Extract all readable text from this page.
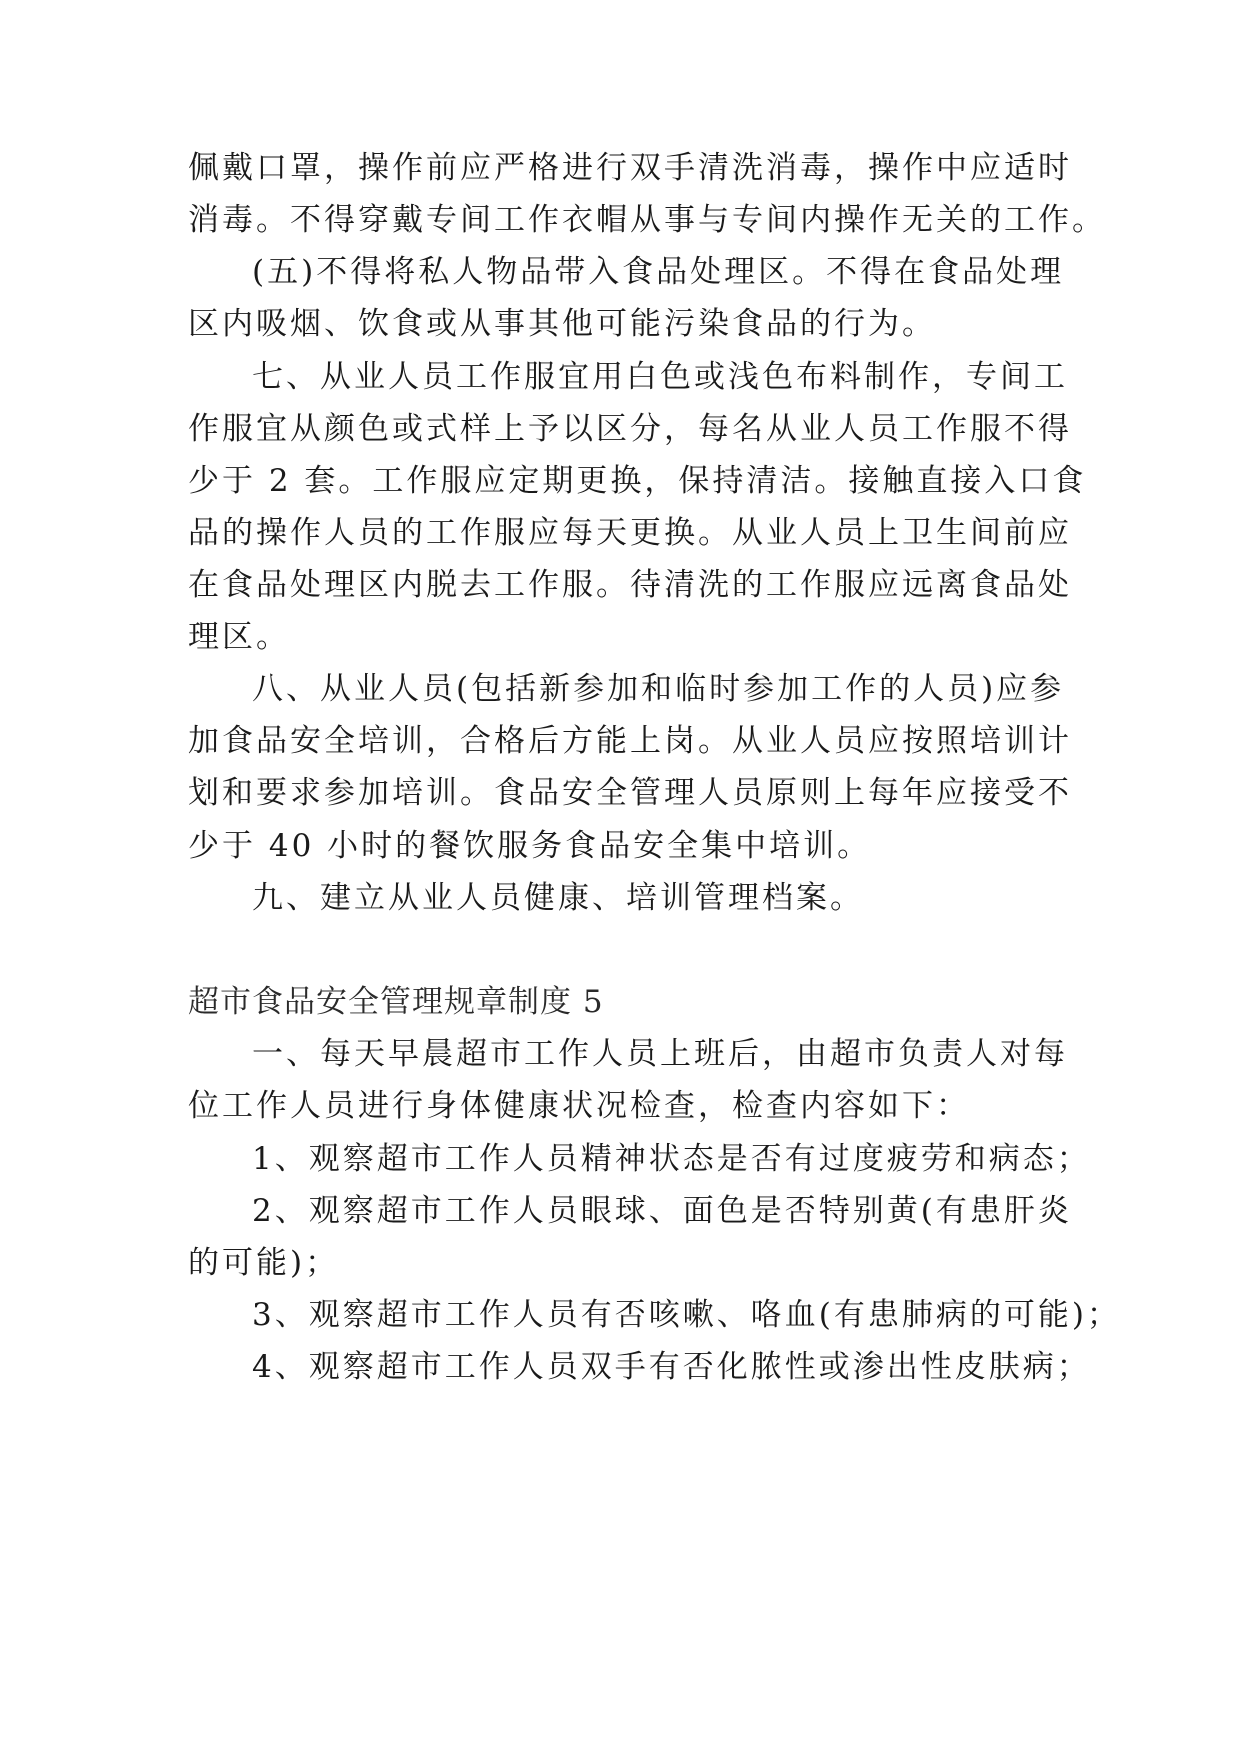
佩戴口罩，操作前应严格进行双手清洗消毒，操作中应适时

消毒。不得穿戴专间工作衣帽从事与专间内操作无关的工作。

(五)不得将私人物品带入食品处理区。不得在食品处理

区内吸烟、饮食或从事其他可能污染食品的行为。

七、从业人员工作服宜用白色或浅色布料制作，专间工

作服宜从颜色或式样上予以区分，每名从业人员工作服不得

少于 2 套。工作服应定期更换，保持清洁。接触直接入口食

品的操作人员的工作服应每天更换。从业人员上卫生间前应

在食品处理区内脱去工作服。待清洗的工作服应远离食品处

理区。

八、从业人员(包括新参加和临时参加工作的人员)应参

加食品安全培训，合格后方能上岗。从业人员应按照培训计

划和要求参加培训。食品安全管理人员原则上每年应接受不

少于 40 小时的餐饮服务食品安全集中培训。

九、建立从业人员健康、培训管理档案。

超市食品安全管理规章制度 5

一、每天早晨超市工作人员上班后，由超市负责人对每

位工作人员进行身体健康状况检查，检查内容如下：

1、观察超市工作人员精神状态是否有过度疲劳和病态；

2、观察超市工作人员眼球、面色是否特别黄(有患肝炎

的可能)；

3、观察超市工作人员有否咳嗽、咯血(有患肺病的可能)；

4、观察超市工作人员双手有否化脓性或渗出性皮肤病；
